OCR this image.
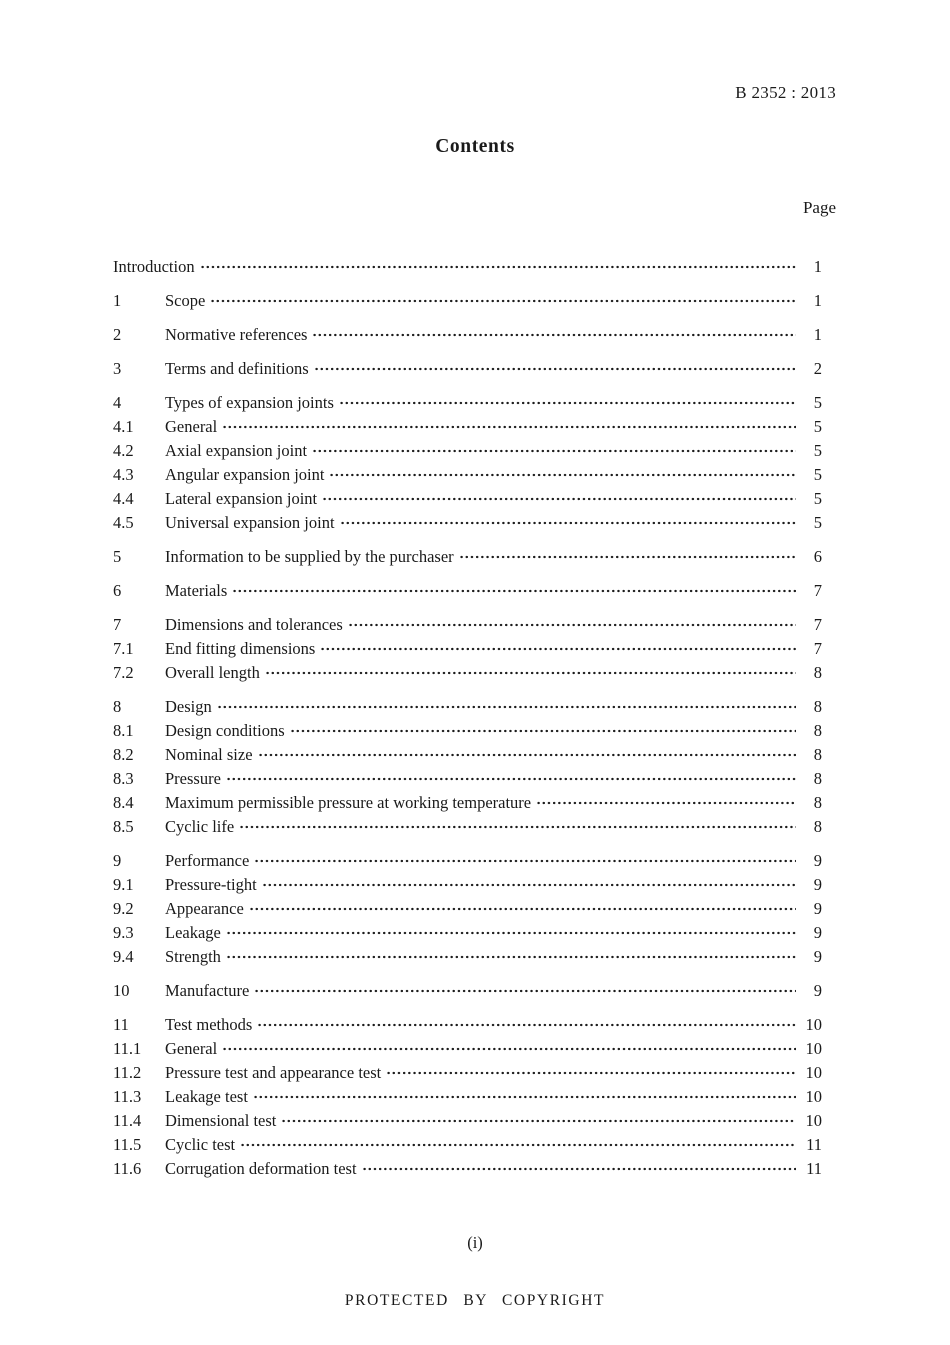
B 2352 : 2013
Contents
Page
Introduction	1
1	Scope	1
2	Normative references	1
3	Terms and definitions	2
4	Types of expansion joints	5
4.1	General	5
4.2	Axial expansion joint	5
4.3	Angular expansion joint	5
4.4	Lateral expansion joint	5
4.5	Universal expansion joint	5
5	Information to be supplied by the purchaser	6
6	Materials	7
7	Dimensions and tolerances	7
7.1	End fitting dimensions	7
7.2	Overall length	8
8	Design	8
8.1	Design conditions	8
8.2	Nominal size	8
8.3	Pressure	8
8.4	Maximum permissible pressure at working temperature	8
8.5	Cyclic life	8
9	Performance	9
9.1	Pressure-tight	9
9.2	Appearance	9
9.3	Leakage	9
9.4	Strength	9
10	Manufacture	9
11	Test methods	10
11.1	General	10
11.2	Pressure test and appearance test	10
11.3	Leakage test	10
11.4	Dimensional test	10
11.5	Cyclic test	11
11.6	Corrugation deformation test	11
(i)
PROTECTED BY COPYRIGHT
